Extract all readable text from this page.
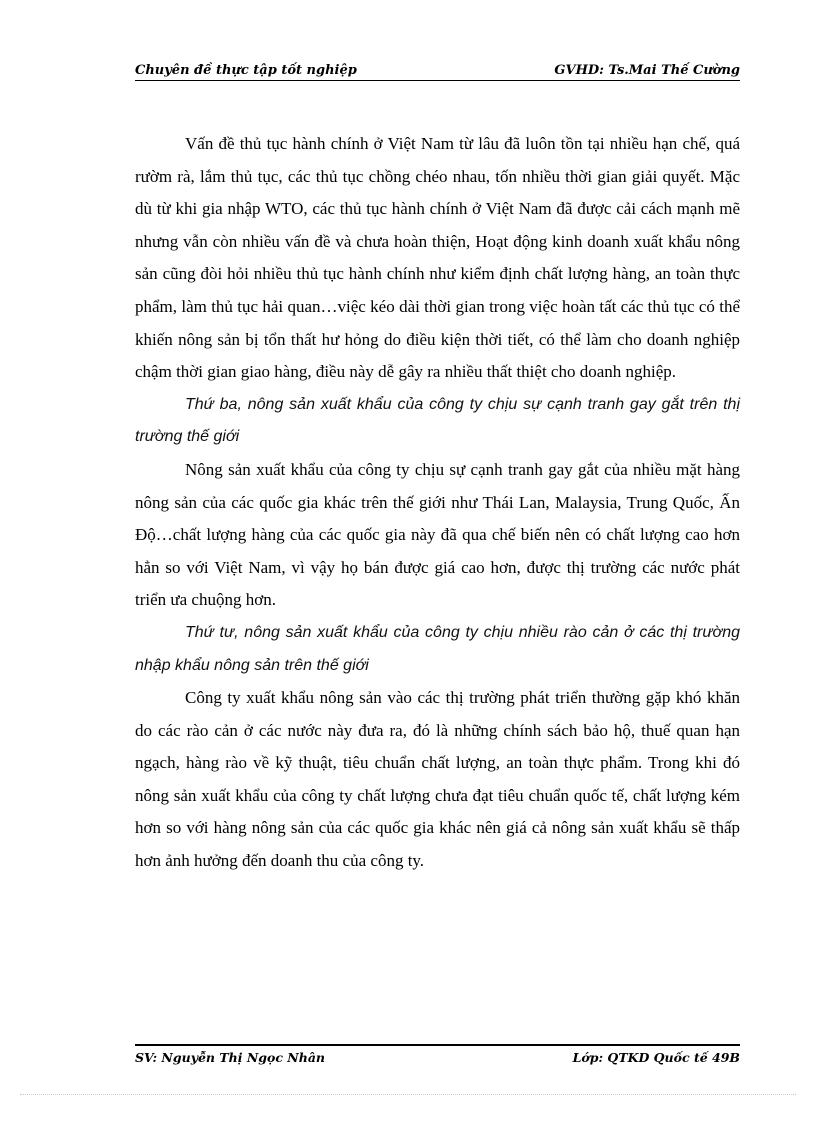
Chuyên đề thực tập tốt nghiệp	GVHD: Ts.Mai Thế Cường

Vấn đề thủ tục hành chính ở Việt Nam từ lâu đã luôn tồn tại nhiều hạn chế, quá rườm rà, lắm thủ tục, các thủ tục chồng chéo nhau, tốn nhiều thời gian giải quyết. Mặc dù từ khi gia nhập WTO, các thủ tục hành chính ở Việt Nam đã được cải cách mạnh mẽ nhưng vẫn còn nhiều vấn đề và chưa hoàn thiện, Hoạt động kinh doanh xuất khẩu nông sản cũng đòi hỏi nhiều thủ tục hành chính như kiểm định chất lượng hàng, an toàn thực phẩm, làm thủ tục hải quan…việc kéo dài thời gian trong việc hoàn tất các thủ tục có thể khiến nông sản bị tổn thất hư hỏng do điều kiện thời tiết, có thể làm cho doanh nghiệp chậm thời gian giao hàng, điều này dễ gây ra nhiều thất thiệt cho doanh nghiệp.

Thứ ba, nông sản xuất khẩu của công ty chịu sự cạnh tranh gay gắt trên thị trường thế giới

Nông sản xuất khẩu của công ty chịu sự cạnh tranh gay gắt của nhiều mặt hàng nông sản của các quốc gia khác trên thế giới như Thái Lan, Malaysia, Trung Quốc, Ấn Độ…chất lượng hàng của các quốc gia này đã qua chế biến nên có chất lượng cao hơn hẳn so với Việt Nam, vì vậy họ bán được giá cao hơn, được thị trường các nước phát triển ưa chuộng hơn.

Thứ tư, nông sản xuất khẩu của công ty chịu nhiều rào cản ở các thị trường nhập khẩu nông sản trên thế giới

Công ty xuất khẩu nông sản vào các thị trường phát triển thường gặp khó khăn do các rào cản ở các nước này đưa ra, đó là những chính sách bảo hộ, thuế quan hạn ngạch, hàng rào về kỹ thuật, tiêu chuẩn chất lượng, an toàn thực phẩm. Trong khi đó nông sản xuất khẩu của công ty chất lượng chưa đạt tiêu chuẩn quốc tế, chất lượng kém hơn so với hàng nông sản của các quốc gia khác nên giá cả nông sản xuất khẩu sẽ thấp hơn ảnh hưởng đến doanh thu của công ty.

SV: Nguyễn Thị Ngọc Nhân	Lớp: QTKD Quốc tế 49B
